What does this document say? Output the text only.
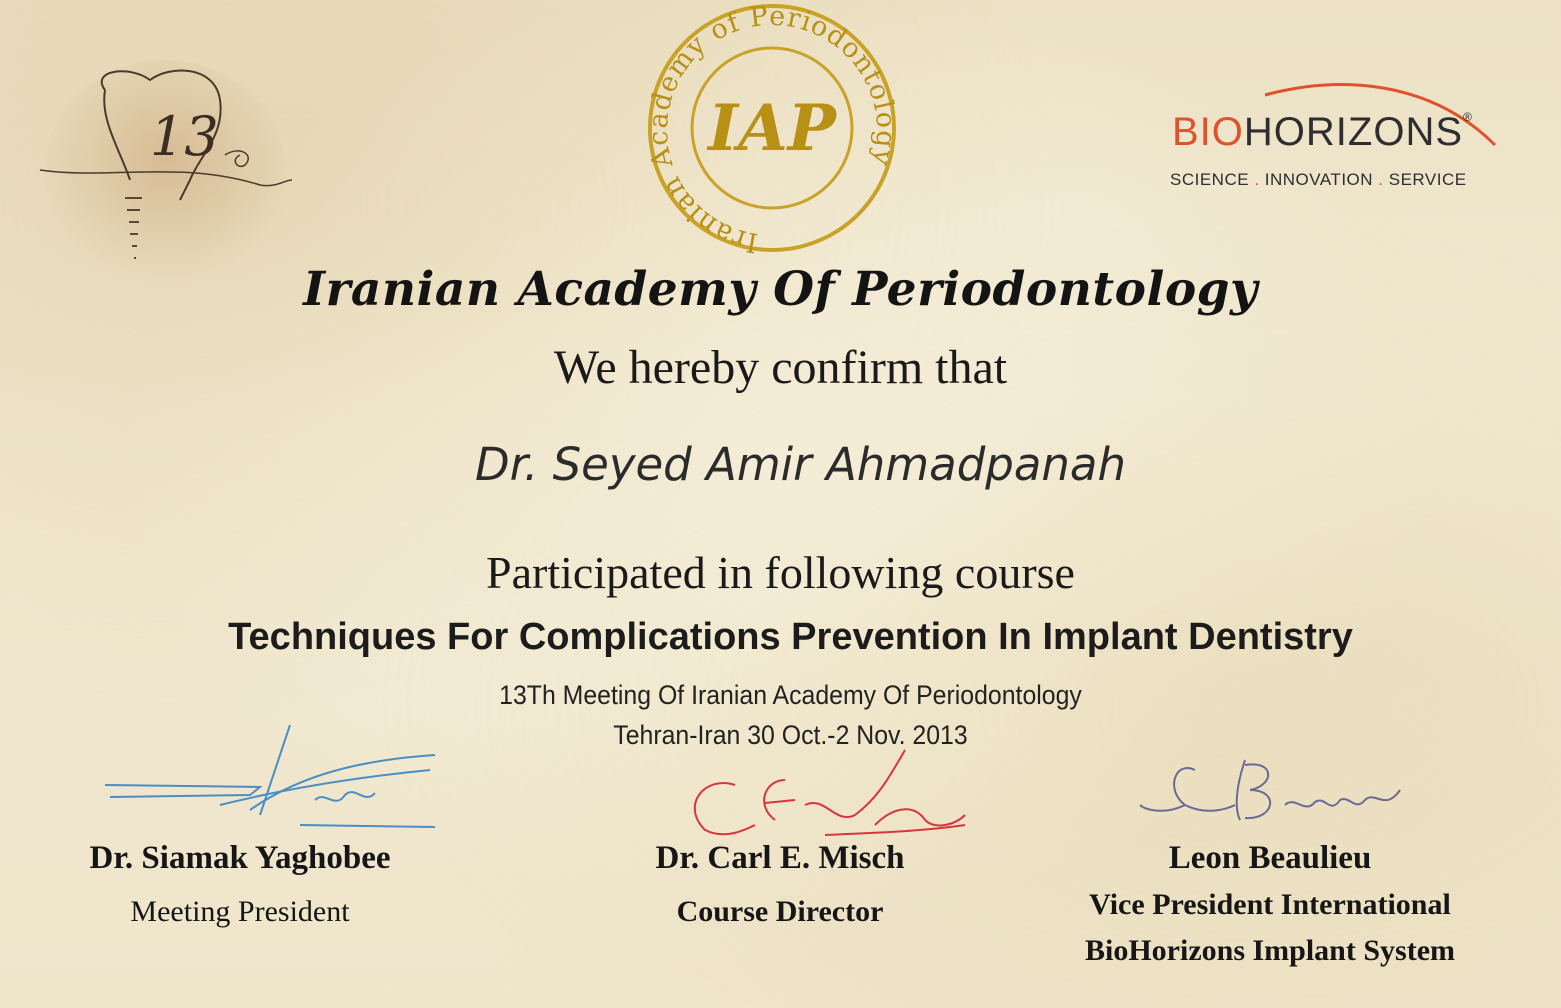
13
Iranian Academy of Periodontology
IAP	BIOHORIZONS®
SCIENCE . INNOVATION . SERVICE
Iranian Academy Of Periodontology
We hereby confirm that
Dr. Seyed Amir Ahmadpanah
Participated in following course
Techniques For Complications Prevention In Implant Dentistry
13Th Meeting Of Iranian Academy Of Periodontology
Tehran-Iran 30 Oct.-2 Nov. 2013
Dr. Siamak Yaghobee
Meeting President
Dr. Carl E. Misch
Course Director
Leon Beaulieu
Vice President International
BioHorizons Implant System
